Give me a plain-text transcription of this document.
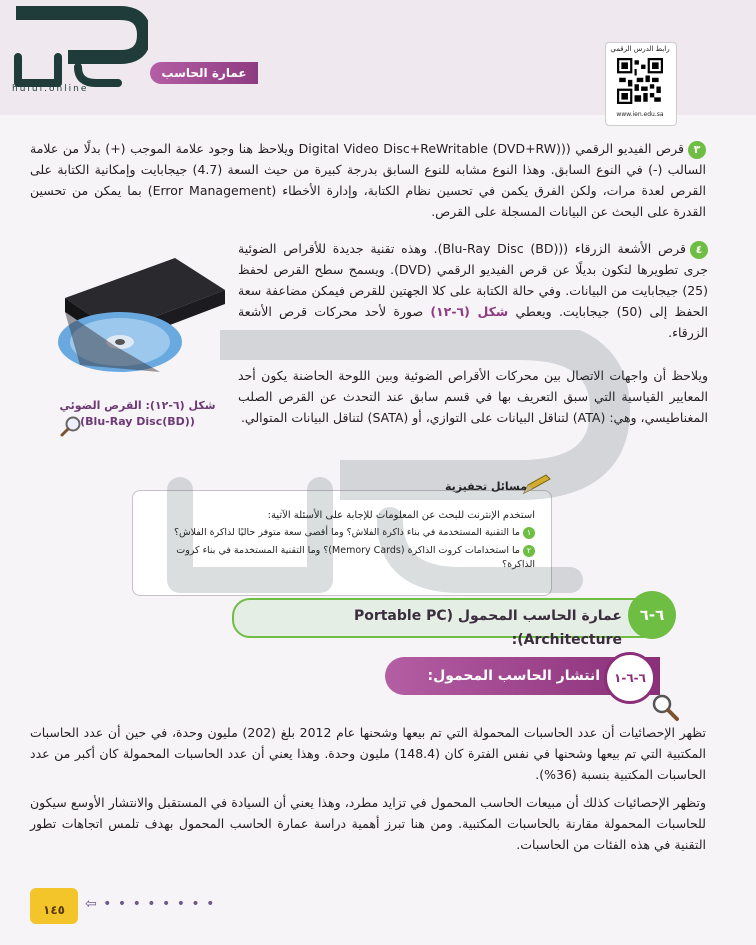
hulul.online
عمارة الحاسب
رابط الدرس الرقمي
www.ien.edu.sa
٣قرص الفيديو الرقمي ((Digital Video Disc+ReWritable (DVD+RW) ويلاحظ هنا وجود علامة الموجب (+) بدلًا من علامة السالب (-) في النوع السابق. وهذا النوع مشابه للنوع السابق بدرجة كبيرة من حيث السعة (4.7) جيجابايت وإمكانية الكتابة على القرص لعدة مرات، ولكن الفرق يكمن في تحسين نظام الكتابة، وإدارة الأخطاء (Error Management) بما يمكن من تحسين القدرة على البحث عن البيانات المسجلة على القرص.
شكل (٦-١٢): القرص الضوئي
(Blu-Ray Disc(BD))
٤قرص الأشعة الزرقاء ((Blu-Ray Disc (BD)). وهذه تقنية جديدة للأقراص الضوئية جرى تطويرها لتكون بديلًا عن قرص الفيديو الرقمي (DVD). ويسمح سطح القرص لحفظ (25) جيجابايت من البيانات. وفي حالة الكتابة على كلا الجهتين للقرص فيمكن مضاعفة سعة الحفظ إلى (50) جيجابايت. ويعطي شكل (٦-١٢) صورة لأحد محركات قرص الأشعة الزرقاء.
ويلاحظ أن واجهات الاتصال بين محركات الأقراص الضوئية وبين اللوحة الحاضنة يكون أحد المعايير القياسية التي سبق التعريف بها في قسم سابق عند التحدث عن القرص الصلب المغناطيسي، وهي: (ATA) لتناقل البيانات على التوازي، أو (SATA) لتناقل البيانات المتوالي.
مسائل تحفيزية
استخدم الإنترنت للبحث عن المعلومات للإجابة على الأسئلة الآتية:
١ما التقنية المستخدمة في بناء ذاكرة الفلاش؟ وما أقصى سعة متوفر حاليًا لذاكرة الفلاش؟
٢ما استخدامات كروت الذاكرة (Memory Cards)؟ وما التقنية المستخدمة في بناء كروت الذاكرة؟
٦-٦
عمارة الحاسب المحمول (Portable PC Architecture):
انتشار الحاسب المحمول:	٦-٦-١
تظهر الإحصائيات أن عدد الحاسبات المحمولة التي تم بيعها وشحنها عام 2012 بلغ (202) مليون وحدة، في حين أن عدد الحاسبات المكتبية التي تم بيعها وشحنها في نفس الفترة كان (148.4) مليون وحدة. وهذا يعني أن عدد الحاسبات المحمولة كان أكبر من عدد الحاسبات المكتبية بنسبة (36%).
وتظهر الإحصائيات كذلك أن مبيعات الحاسب المحمول في تزايد مطرد، وهذا يعني أن السيادة في المستقبل والانتشار الأوسع سيكون للحاسبات المحمولة مقارنة بالحاسبات المكتبية. ومن هنا تبرز أهمية دراسة عمارة الحاسب المحمول بهدف تلمس اتجاهات تطور التقنية في هذه الفئات من الحاسبات.
١٤٥	⇦ • • • • • • • •
